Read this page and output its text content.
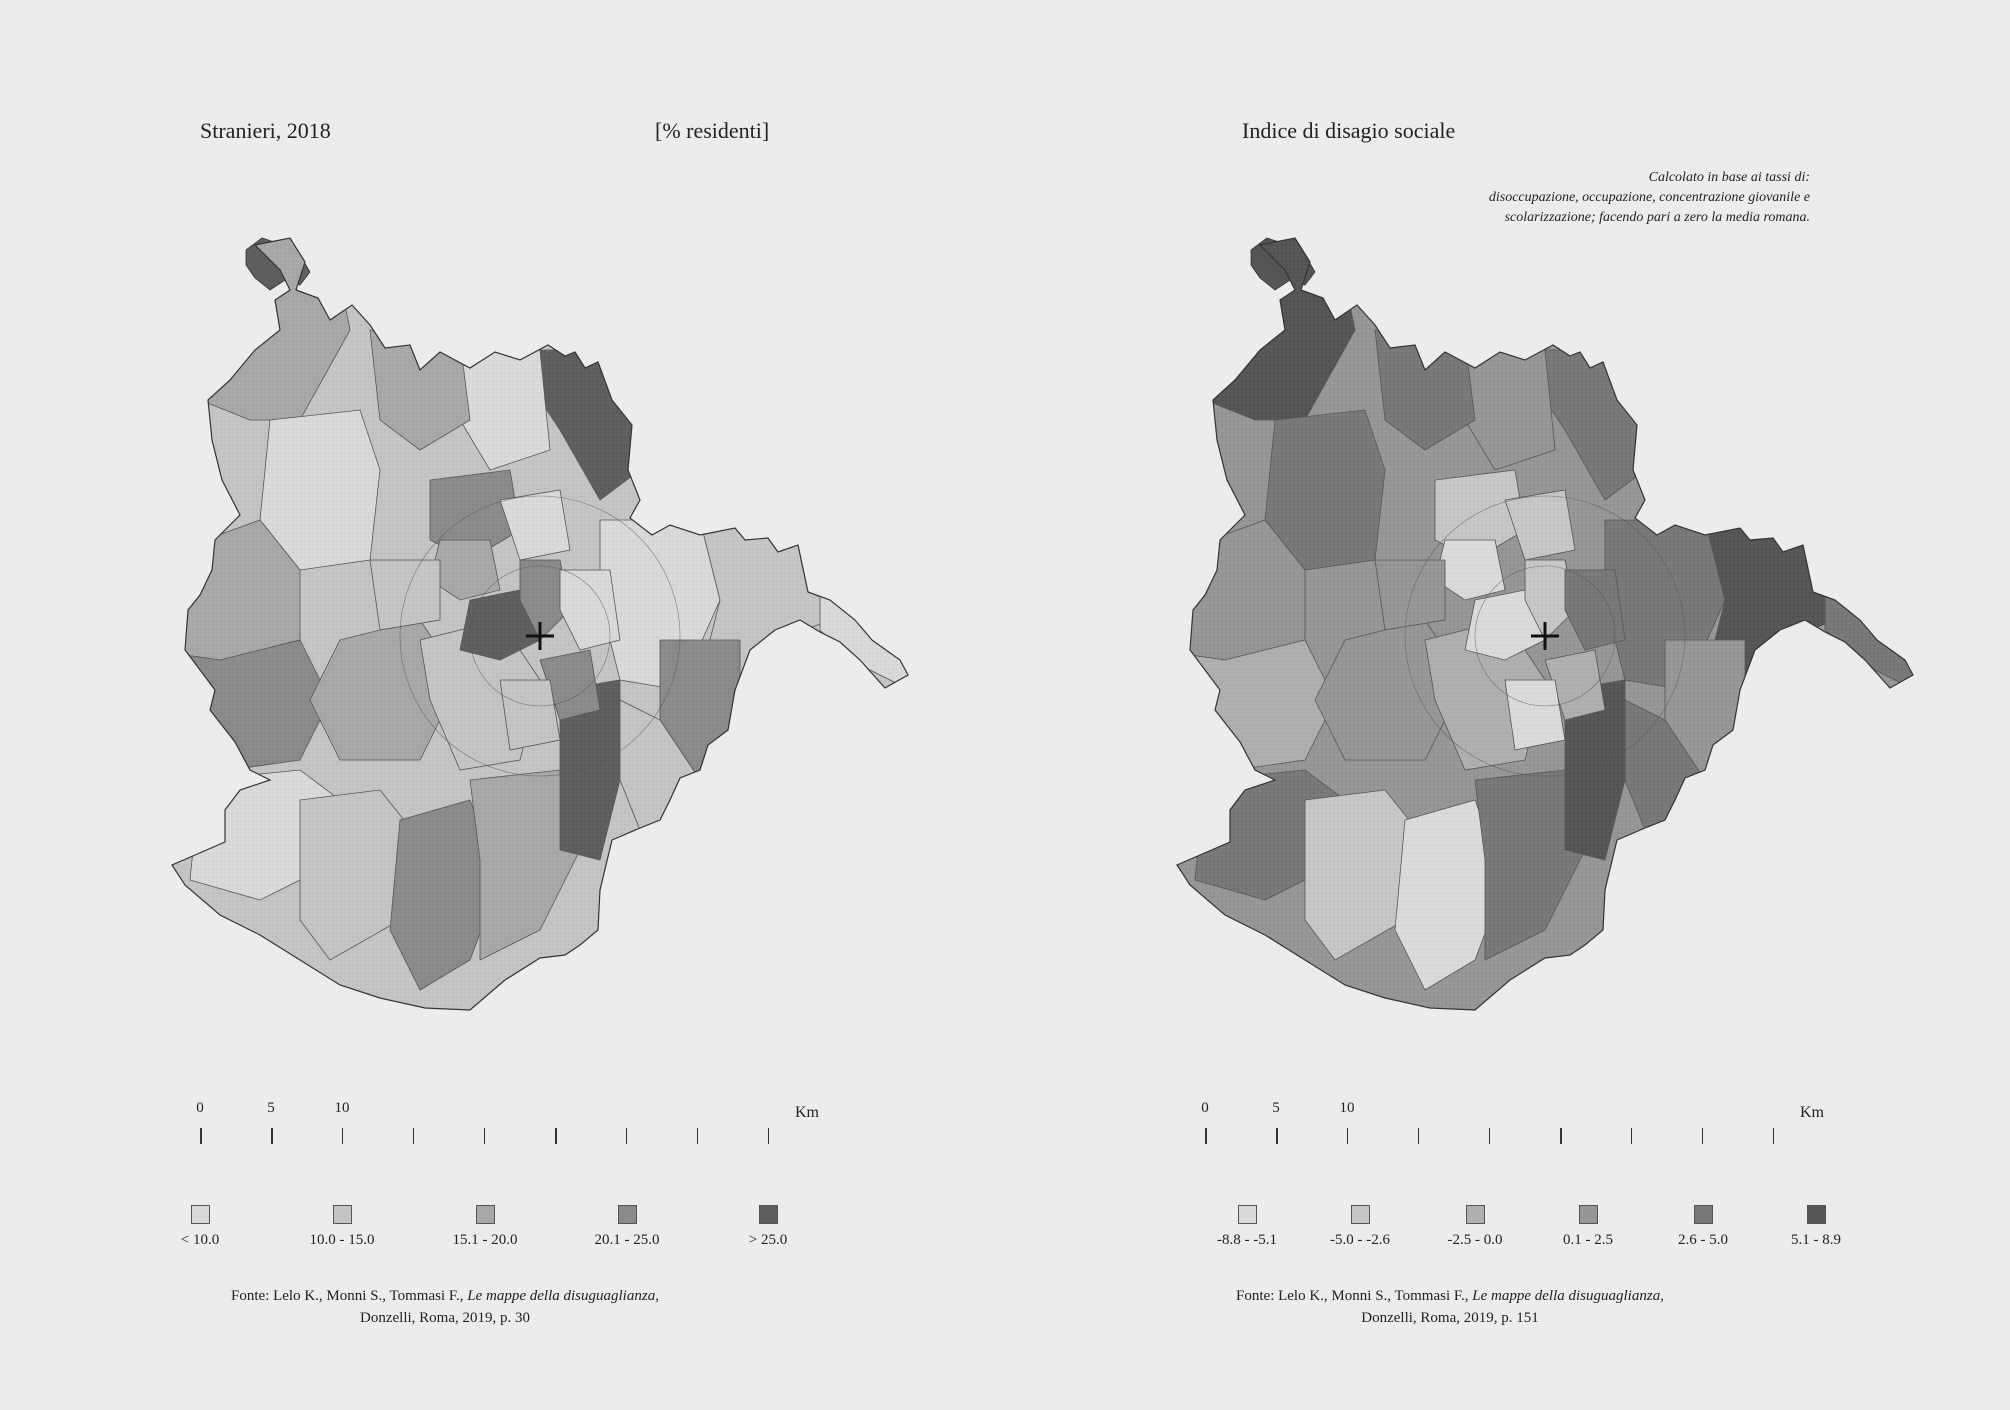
Stranieri, 2018	[% residenti]
0	5	10	Km
< 10.0	10.0 - 15.0	15.1 - 20.0	20.1 - 25.0	> 25.0
Fonte: Lelo K., Monni S., Tommasi F., Le mappe della disuguaglianza,
Donzelli, Roma, 2019, p. 30
Indice di disagio sociale
Calcolato in base ai tassi di:
disoccupazione, occupazione, concentrazione giovanile e
scolarizzazione; facendo pari a zero la media romana.
0	5	10	Km
-8.8 - -5.1	-5.0 - -2.6	-2.5 - 0.0	0.1 - 2.5	2.6 - 5.0	5.1 - 8.9
Fonte: Lelo K., Monni S., Tommasi F., Le mappe della disuguaglianza,
Donzelli, Roma, 2019, p. 151
